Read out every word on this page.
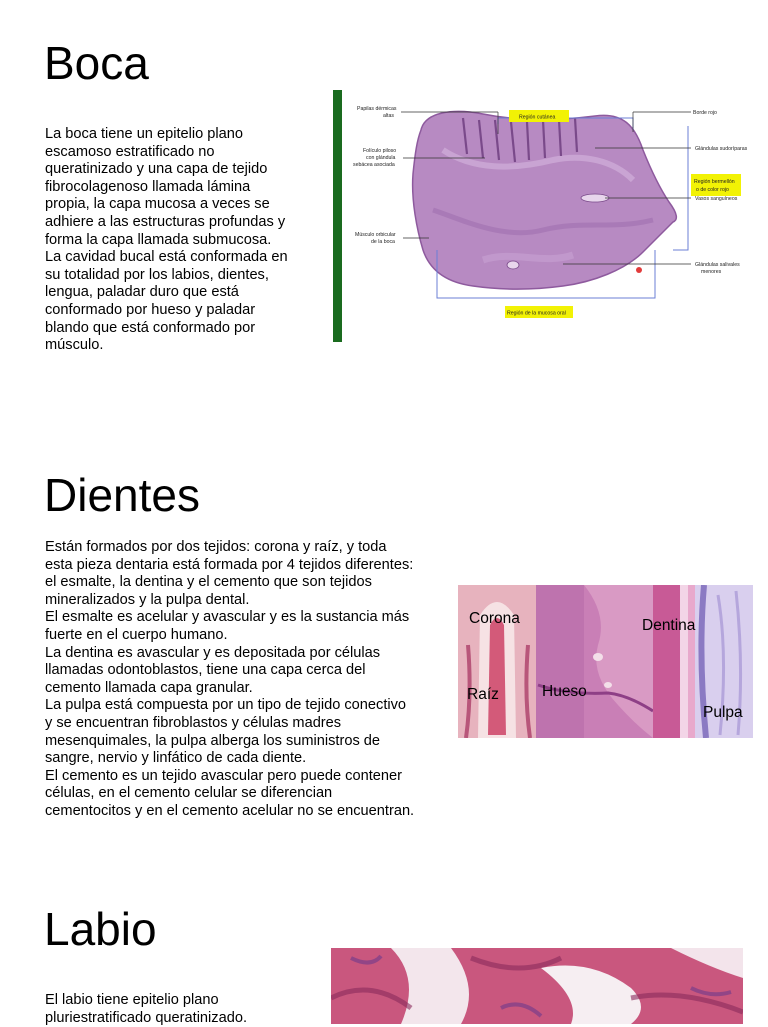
Boca

La boca tiene un epitelio plano
escamoso estratificado no
queratinizado y una capa de tejido
fibrocolagenoso llamada lámina
propia, la capa mucosa a veces se
adhiere a las estructuras profundas y
forma la capa llamada submucosa.
La cavidad bucal está conformada en
su totalidad por los labios, dientes,
lengua, paladar duro que está
conformado por hueso y paladar
blando que está conformado por
músculo.

Papilas dérmicas
altas	Región cutánea
Borde rojo
Folículo piloso
con glándula
sebácea asociada
Glándulas sudoríparas
Región bermellón
o de color rojo
Vasos sanguíneos
Músculo orbicular
de la boca
Glándulas salivales
menores
Región de la mucosa oral
Dientes

Están formados por dos tejidos: corona y raíz, y toda
esta pieza dentaria está formada por 4 tejidos diferentes:
el esmalte, la dentina y el cemento que son tejidos
mineralizados y la pulpa dental.
El esmalte es acelular y avascular y es la sustancia más
fuerte en el cuerpo humano.
La dentina es avascular y es depositada por células
llamadas odontoblastos, tiene una capa cerca del
cemento llamada capa granular.
La pulpa está compuesta por un tipo de tejido conectivo
y se encuentran fibroblastos y células madres
mesenquimales, la pulpa alberga los suministros de
sangre, nervio y linfático de cada diente.
El cemento es un tejido avascular pero puede contener
células, en el cemento celular se diferencian
cementocitos y en el cemento acelular no se encuentran.

Corona
Raíz	Hueso
Dentina
Pulpa
Labio

El labio tiene epitelio plano
pluriestratificado queratinizado.
